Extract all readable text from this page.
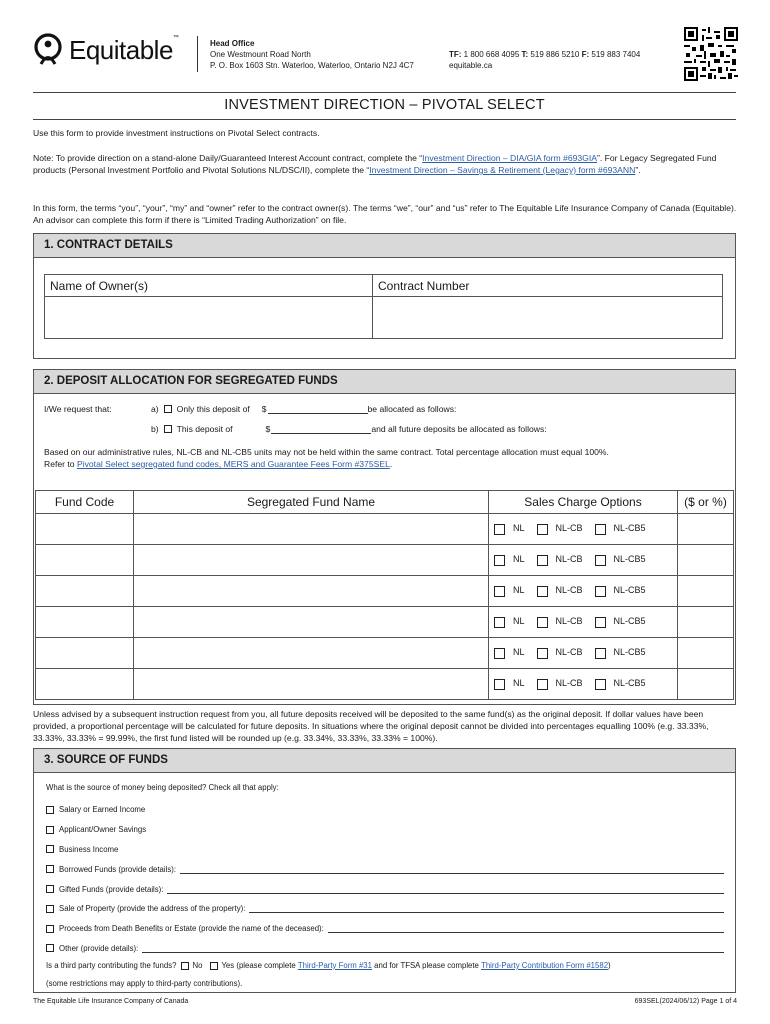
Equitable™
Head Office
One Westmount Road North
P. O. Box 1603 Stn. Waterloo, Waterloo, Ontario N2J 4C7
TF: 1 800 668 4095 T: 519 886 5210 F: 519 883 7404
equitable.ca
INVESTMENT DIRECTION – PIVOTAL SELECT
Use this form to provide investment instructions on Pivotal Select contracts.
Note: To provide direction on a stand-alone Daily/Guaranteed Interest Account contract, complete the “Investment Direction – DIA/GIA form #693GIA”. For Legacy Segregated Fund products (Personal Investment Portfolio and Pivotal Solutions NL/DSC/II), complete the “Investment Direction – Savings & Retirement (Legacy) form #693ANN”.
In this form, the terms “you”, “your”, “my” and “owner” refer to the contract owner(s). The terms “we”, “our” and “us” refer to The Equitable Life Insurance Company of Canada (Equitable). An advisor can complete this form if there is “Limited Trading Authorization” on file.
1. CONTRACT DETAILS
Name of Owner(s)	Contract Number

2. DEPOSIT ALLOCATION FOR SEGREGATED FUNDS
I/We request that:	a) Only this deposit of $	be allocated as follows:
b) This deposit of	$	and all future deposits be allocated as follows:
Based on our administrative rules, NL-CB and NL-CB5 units may not be held within the same contract. Total percentage allocation must equal 100%.
Refer to Pivotal Select segregated fund codes, MERS and Guarantee Fees Form #375SEL.
Fund Code	Segregated Fund Name	Sales Charge Options	($ or %)
		NL NL-CB NL-CB5	
		NL NL-CB NL-CB5	
		NL NL-CB NL-CB5	
		NL NL-CB NL-CB5	
		NL NL-CB NL-CB5	
		NL NL-CB NL-CB5	
Unless advised by a subsequent instruction request from you, all future deposits received will be deposited to the same fund(s) as the original deposit. If dollar values have been provided, a proportional percentage will be calculated for future deposits. In situations where the original deposit cannot be divided into percentages equalling 100% (e.g. 33.33%, 33.33%, 33.33% = 99.99%, the first fund listed will be rounded up (e.g. 33.34%, 33.33%, 33.33% = 100%).
3. SOURCE OF FUNDS
What is the source of money being deposited? Check all that apply:
Salary or Earned Income
Applicant/Owner Savings
Business Income
Borrowed Funds (provide details):
Gifted Funds (provide details):
Sale of Property (provide the address of the property):
Proceeds from Death Benefits or Estate (provide the name of the deceased):
Other (provide details):
Is a third party contributing the funds? No Yes
(please complete Third-Party Form #31 and for TFSA please complete Third-Party Contribution Form #1582 )
(some restrictions may apply to third-party contributions).
The Equitable Life Insurance Company of Canada	693SEL(2024/06/12) Page 1 of 4
